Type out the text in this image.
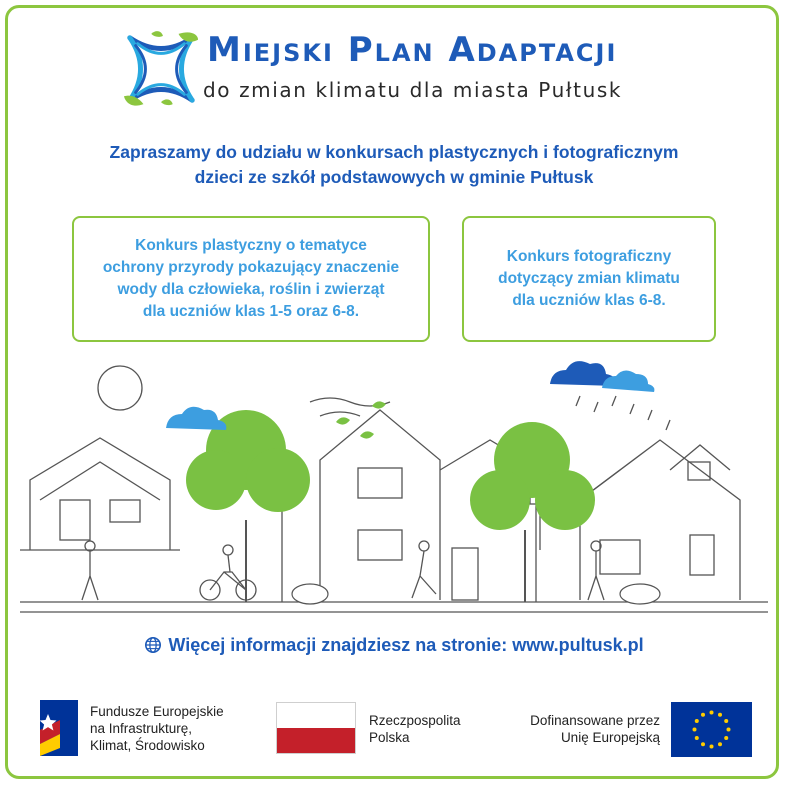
Miejski Plan Adaptacji
do zmian klimatu dla miasta Pułtusk
Zapraszamy do udziału w konkursach plastycznych i fotograficznym
dzieci ze szkół podstawowych w gminie Pułtusk
Konkurs plastyczny o tematyce
ochrony przyrody pokazujący znaczenie
wody dla człowieka, roślin i zwierząt
dla uczniów klas 1-5 oraz 6-8.
Konkurs fotograficzny
dotyczący zmian klimatu
dla uczniów klas 6-8.
Więcej informacji znajdziesz na stronie: www.pultusk.pl
Fundusze Europejskie
na Infrastrukturę,
Klimat, Środowisko
Rzeczpospolita
Polska
Dofinansowane przez
Unię Europejską
